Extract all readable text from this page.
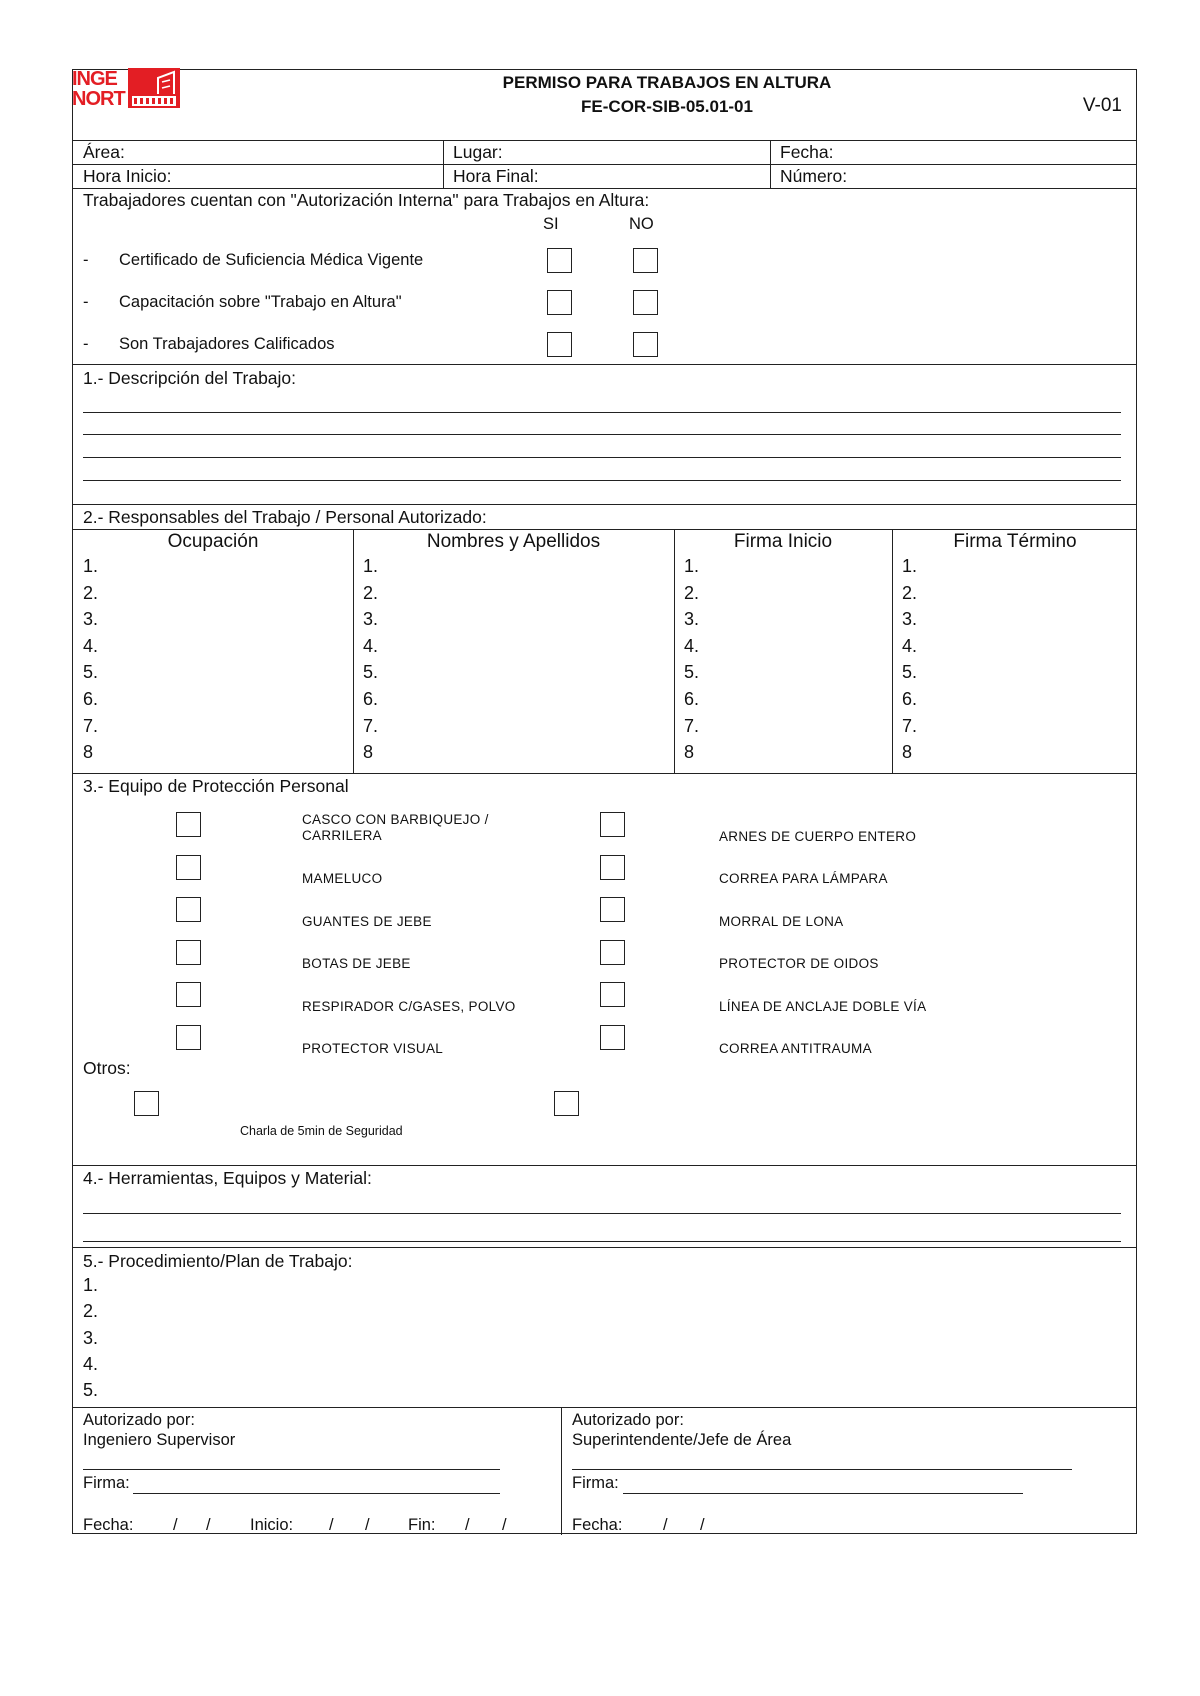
INGE
NORT
PERMISO PARA TRABAJOS EN ALTURA
FE-COR-SIB-05.01-01	V-01
Área:	Lugar:	Fecha:
Hora Inicio:	Hora Final:	Número:
Trabajadores cuentan con "Autorización Interna" para Trabajos en Altura:
SI	NO
- Certificado de Suficiencia Médica Vigente
- Capacitación sobre "Trabajo en Altura"
- Son Trabajadores Calificados
1.- Descripción del Trabajo:
2.- Responsables del Trabajo / Personal Autorizado:
Ocupación	Nombres y Apellidos	Firma Inicio	Firma Término
1.	1.	1.	1.
2.	2.	2.	2.
3.	3.	3.	3.
4.	4.	4.	4.
5.	5.	5.	5.
6.	6.	6.	6.
7.	7.	7.	7.
8	8	8	8
3.- Equipo de Protección Personal
CASCO CON BARBIQUEJO / CARRILERA
MAMELUCO
GUANTES DE JEBE
BOTAS DE JEBE
RESPIRADOR C/GASES, POLVO
PROTECTOR VISUAL
ARNES DE CUERPO ENTERO
CORREA PARA LÁMPARA
MORRAL DE LONA
PROTECTOR DE OIDOS
LÍNEA DE ANCLAJE DOBLE VÍA
CORREA ANTITRAUMA
Otros:
Charla de 5min de Seguridad
4.- Herramientas, Equipos y Material:
5.- Procedimiento/Plan de Trabajo:
1.
2.
3.
4.
5.
Autorizado por:
Ingeniero Supervisor
Firma:
Fecha: / / Inicio: / / Fin: / /
Autorizado por:
Superintendente/Jefe de Área
Firma:
Fecha: / /
